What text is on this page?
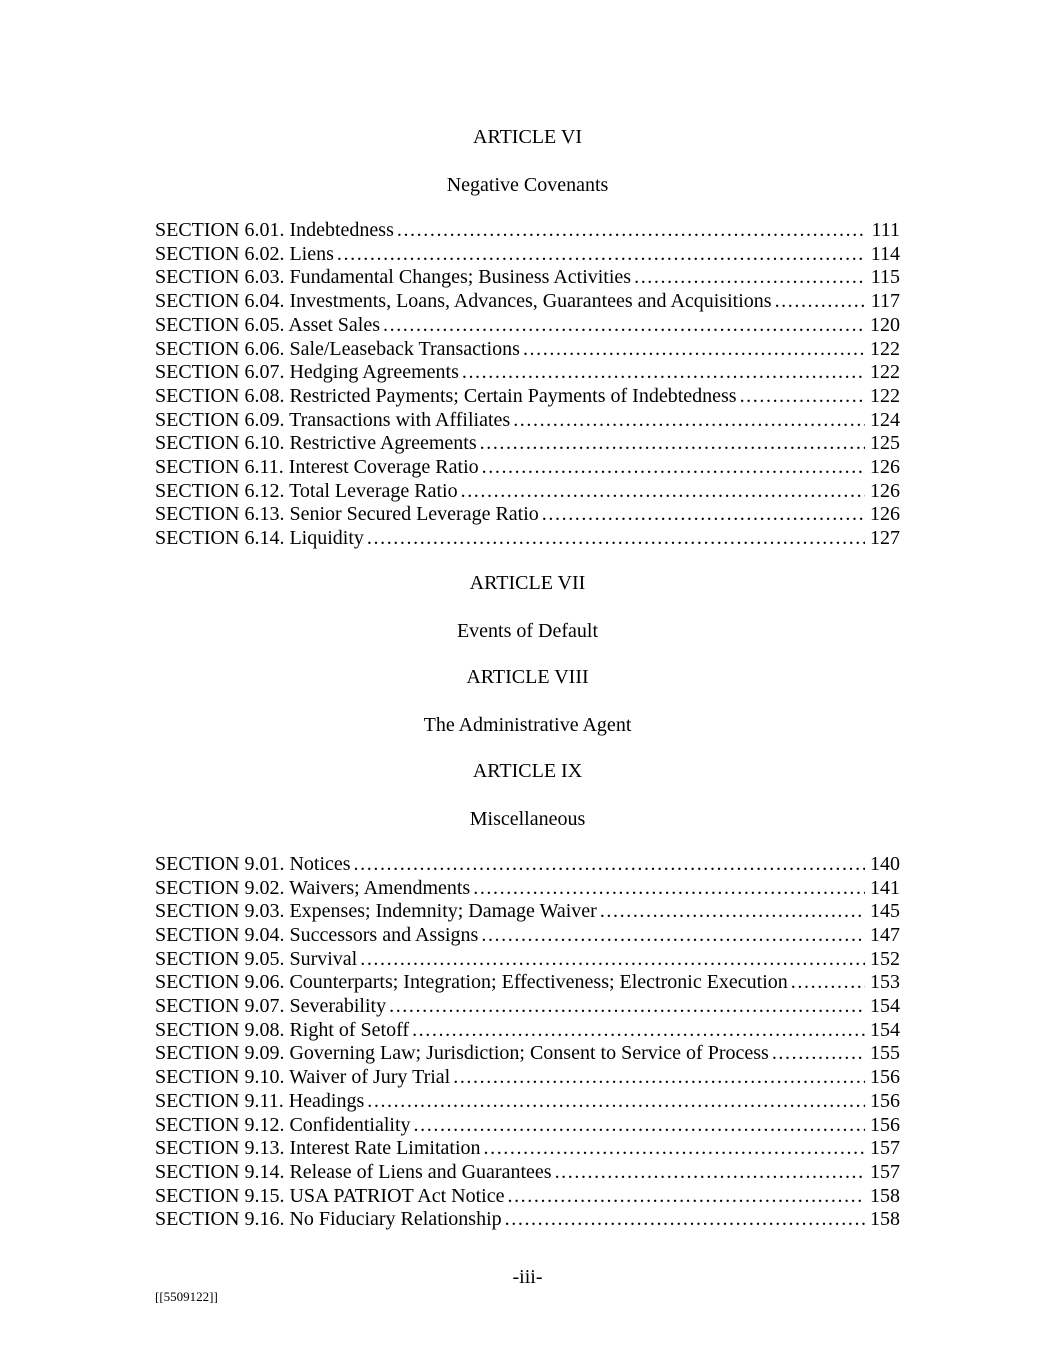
ARTICLE VI
Negative Covenants
SECTION 6.01. Indebtedness .....	111
SECTION 6.02. Liens .....	114
SECTION 6.03. Fundamental Changes; Business Activities .....	115
SECTION 6.04. Investments, Loans, Advances, Guarantees and Acquisitions .....	117
SECTION 6.05. Asset Sales .....	120
SECTION 6.06. Sale/Leaseback Transactions .....	122
SECTION 6.07. Hedging Agreements .....	122
SECTION 6.08. Restricted Payments; Certain Payments of Indebtedness .....	122
SECTION 6.09. Transactions with Affiliates .....	124
SECTION 6.10. Restrictive Agreements .....	125
SECTION 6.11. Interest Coverage Ratio .....	126
SECTION 6.12. Total Leverage Ratio .....	126
SECTION 6.13. Senior Secured Leverage Ratio .....	126
SECTION 6.14. Liquidity .....	127
ARTICLE VII
Events of Default
ARTICLE VIII
The Administrative Agent
ARTICLE IX
Miscellaneous
SECTION 9.01. Notices .....	140
SECTION 9.02. Waivers; Amendments .....	141
SECTION 9.03. Expenses; Indemnity; Damage Waiver .....	145
SECTION 9.04. Successors and Assigns .....	147
SECTION 9.05. Survival .....	152
SECTION 9.06. Counterparts; Integration; Effectiveness; Electronic Execution .....	153
SECTION 9.07. Severability .....	154
SECTION 9.08. Right of Setoff .....	154
SECTION 9.09. Governing Law; Jurisdiction; Consent to Service of Process .....	155
SECTION 9.10. Waiver of Jury Trial .....	156
SECTION 9.11. Headings .....	156
SECTION 9.12. Confidentiality .....	156
SECTION 9.13. Interest Rate Limitation .....	157
SECTION 9.14. Release of Liens and Guarantees .....	157
SECTION 9.15. USA PATRIOT Act Notice .....	158
SECTION 9.16. No Fiduciary Relationship .....	158
-iii-
[[5509122]]
